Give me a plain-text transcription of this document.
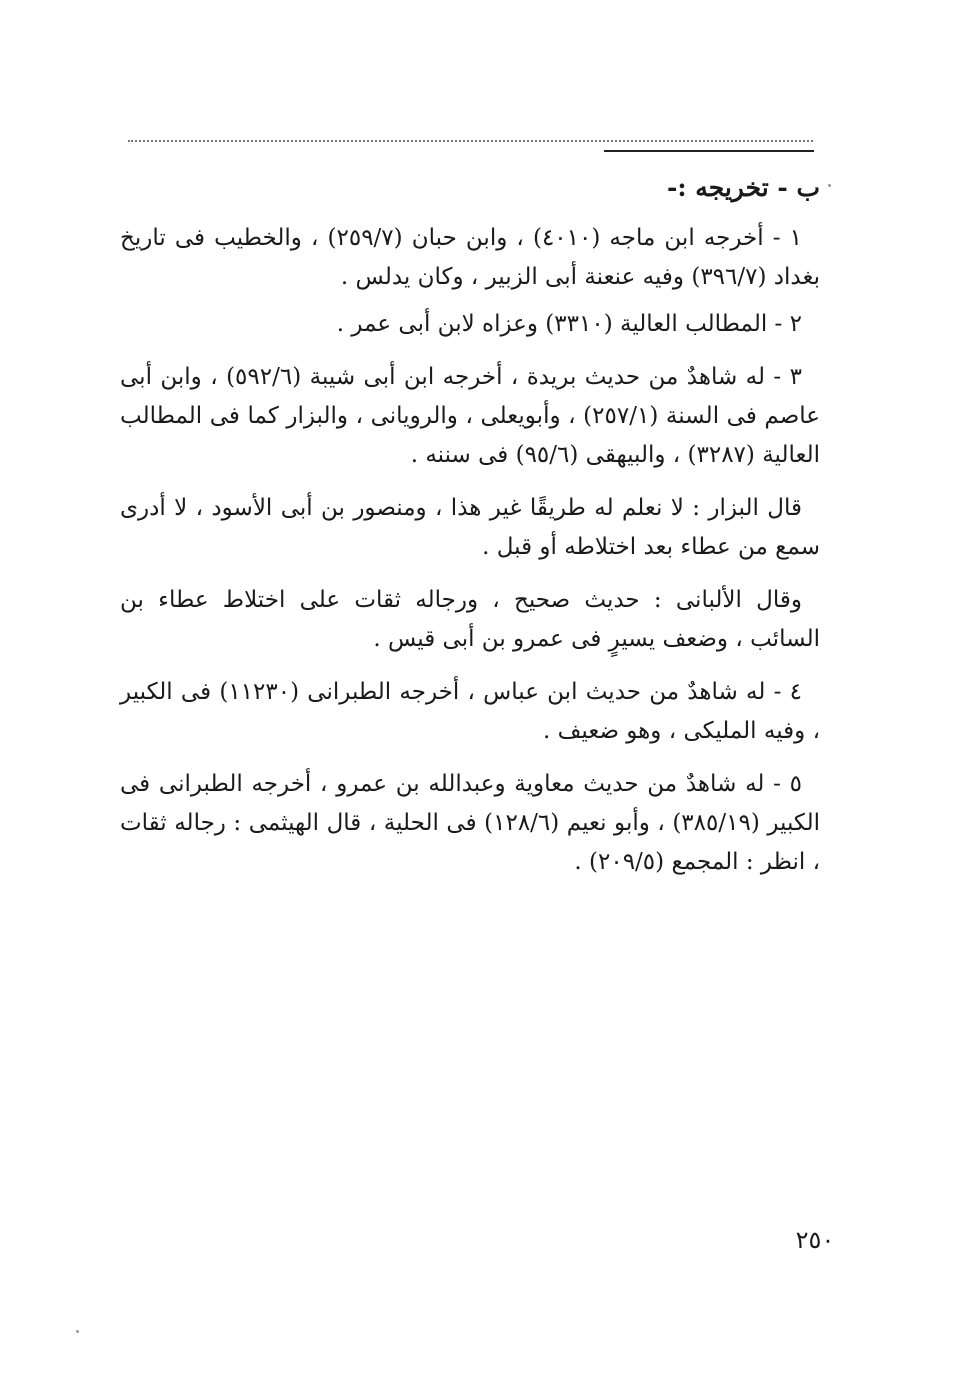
ب - تخريجه :-

١ - أخرجه ابن ماجه (٤٠١٠) ، وابن حبان (٢٥٩/٧) ، والخطيب فى تاريخ بغداد (٣٩٦/٧) وفيه عنعنة أبى الزبير ، وكان يدلس .

٢ - المطالب العالية (٣٣١٠) وعزاه لابن أبى عمر .

٣ - له شاهدٌ من حديث بريدة ، أخرجه ابن أبى شيبة (٥٩٢/٦) ، وابن أبى عاصم فى السنة (٢٥٧/١) ، وأبويعلى ، والرويانى ، والبزار كما فى المطالب العالية (٣٢٨٧) ، والبيهقى (٩٥/٦) فى سننه .

قال البزار : لا نعلم له طريقًا غير هذا ، ومنصور بن أبى الأسود ، لا أدرى سمع من عطاء بعد اختلاطه أو قبل .

وقال الألبانى : حديث صحيح ، ورجاله ثقات على اختلاط عطاء بن السائب ، وضعف يسيرٍ فى عمرو بن أبى قيس .

٤ - له شاهدٌ من حديث ابن عباس ، أخرجه الطبرانى (١١٢٣٠) فى الكبير ، وفيه المليكى ، وهو ضعيف .

٥ - له شاهدٌ من حديث معاوية وعبدالله بن عمرو ، أخرجه الطبرانى فى الكبير (٣٨٥/١٩) ، وأبو نعيم (١٢٨/٦) فى الحلية ، قال الهيثمى : رجاله ثقات ، انظر : المجمع (٢٠٩/٥) .

٢٥٠
